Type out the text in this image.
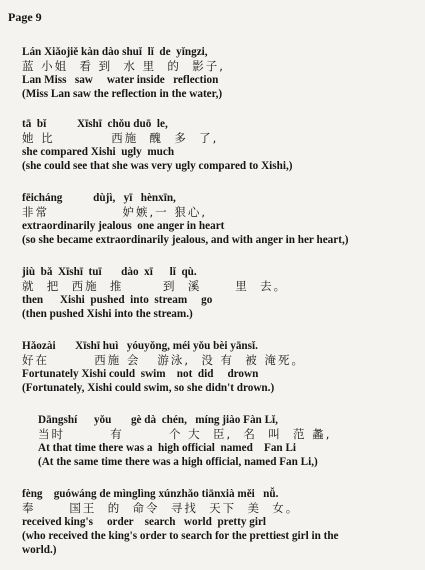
Page 9
Lán Xiǎojiě kàn dào shuǐ  lǐ  de  yǐngzi,
蓝 小姐  看 到  水 里  的  影子,
Lan Miss   saw     water inside   reflection
(Miss Lan saw the reflection in the water,)
tā  bǐ           Xīshī  chǒu duō  le,
她 比          西施  醜  多  了,
she compared Xishi  ugly  much
(she could see that she was very ugly compared to Xishi,)
fēicháng           dùjì,   yī   hènxīn,
非常             妒嫉,一 狠心,
extraordinarily jealous  one anger in heart
(so she became extraordinarily jealous, and with anger in her heart,)
jiù  bǎ  Xīshī  tuī       dào  xī      lǐ  qù.
就  把  西施  推       到  溪      里  去。
then      Xishi  pushed  into  stream     go
(then pushed Xishi into the stream.)
Hǎozài       Xīshī huì   yóuyǒng, méi yǒu bèi yānsǐ.
好在        西施 会   游泳,  没 有  被 淹死。
Fortunately Xishi could  swim    not  did     drown
(Fortunately, Xishi could swim, so she didn't drown.)
Dāngshí      yǒu       gè dà  chén,   míng jiào Fàn Lǐ,
当时        有        个 大  臣,  名  叫  范 蠡,
At that time there was a  high official  named    Fan Li
(At the same time there was a high official, named Fan Li,)
fèng    guówáng de mìnglìng xúnzhǎo tiānxià měi   nǚ.
奉      国王  的  命令  寻找  天下  美  女。
received king's     order    search   world  pretty girl
(who received the king's order to search for the prettiest girl in the
world.)
